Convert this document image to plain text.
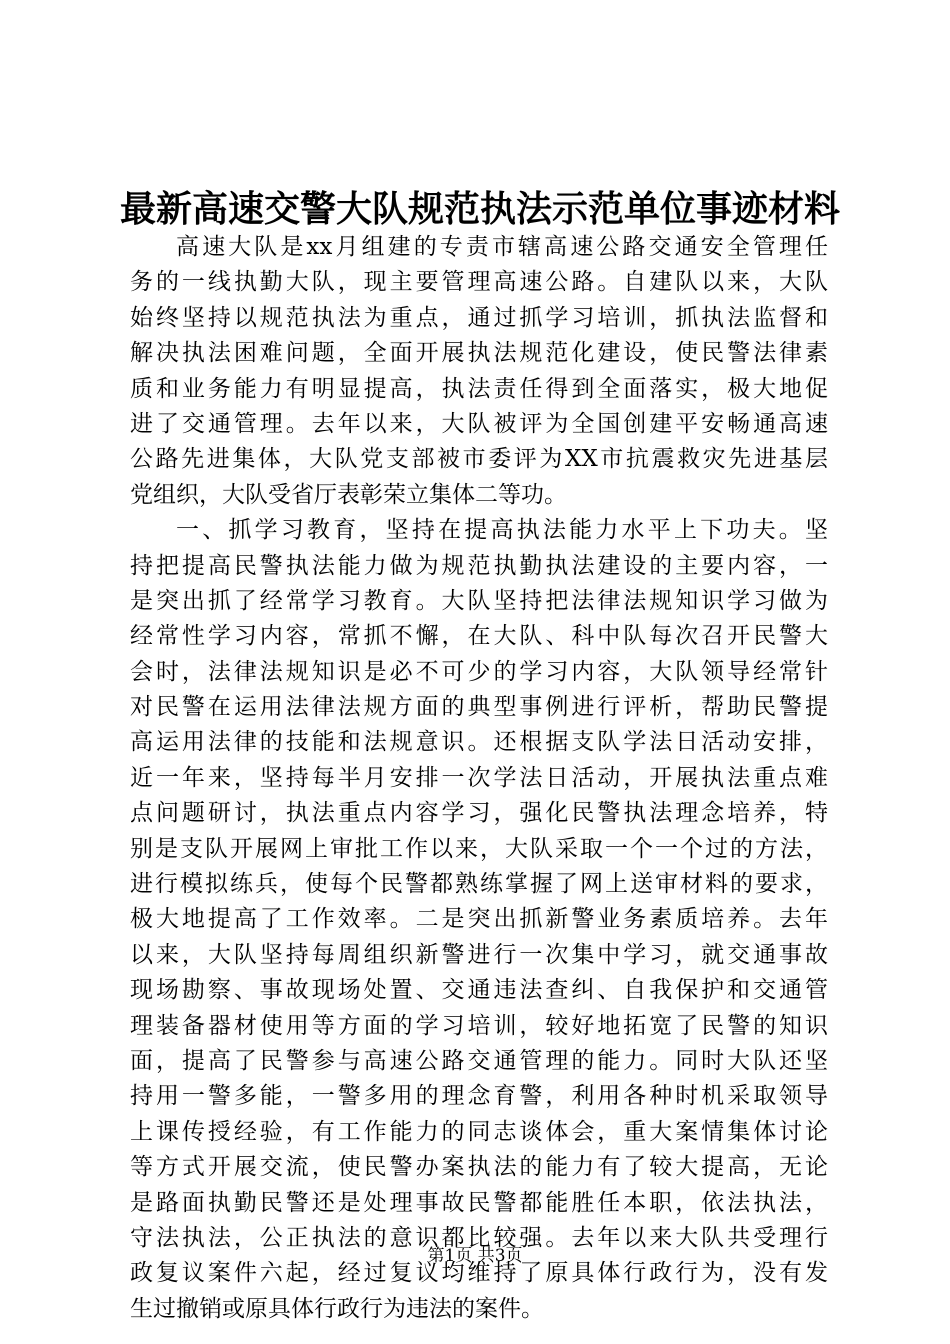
最新高速交警大队规范执法示范单位事迹材料
高速大队是xx月组建的专责市辖高速公路交通安全管理任
务的一线执勤大队，现主要管理高速公路。自建队以来，大队
始终坚持以规范执法为重点，通过抓学习培训，抓执法监督和
解决执法困难问题，全面开展执法规范化建设，使民警法律素
质和业务能力有明显提高，执法责任得到全面落实，极大地促
进了交通管理。去年以来，大队被评为全国创建平安畅通高速
公路先进集体，大队党支部被市委评为XX市抗震救灾先进基层
党组织，大队受省厅表彰荣立集体二等功。
一、抓学习教育，坚持在提高执法能力水平上下功夫。坚
持把提高民警执法能力做为规范执勤执法建设的主要内容，一
是突出抓了经常学习教育。大队坚持把法律法规知识学习做为
经常性学习内容，常抓不懈，在大队、科中队每次召开民警大
会时，法律法规知识是必不可少的学习内容，大队领导经常针
对民警在运用法律法规方面的典型事例进行评析，帮助民警提
高运用法律的技能和法规意识。还根据支队学法日活动安排，
近一年来，坚持每半月安排一次学法日活动，开展执法重点难
点问题研讨，执法重点内容学习，强化民警执法理念培养，特
别是支队开展网上审批工作以来，大队采取一个一个过的方法，
进行模拟练兵，使每个民警都熟练掌握了网上送审材料的要求，
极大地提高了工作效率。二是突出抓新警业务素质培养。去年
以来，大队坚持每周组织新警进行一次集中学习，就交通事故
现场勘察、事故现场处置、交通违法查纠、自我保护和交通管
理装备器材使用等方面的学习培训，较好地拓宽了民警的知识
面，提高了民警参与高速公路交通管理的能力。同时大队还坚
持用一警多能，一警多用的理念育警，利用各种时机采取领导
上课传授经验，有工作能力的同志谈体会，重大案情集体讨论
等方式开展交流，使民警办案执法的能力有了较大提高，无论
是路面执勤民警还是处理事故民警都能胜任本职，依法执法，
守法执法，公正执法的意识都比较强。去年以来大队共受理行
政复议案件六起，经过复议均维持了原具体行政行为，没有发
生过撤销或原具体行政行为违法的案件。
第1页 共3页
